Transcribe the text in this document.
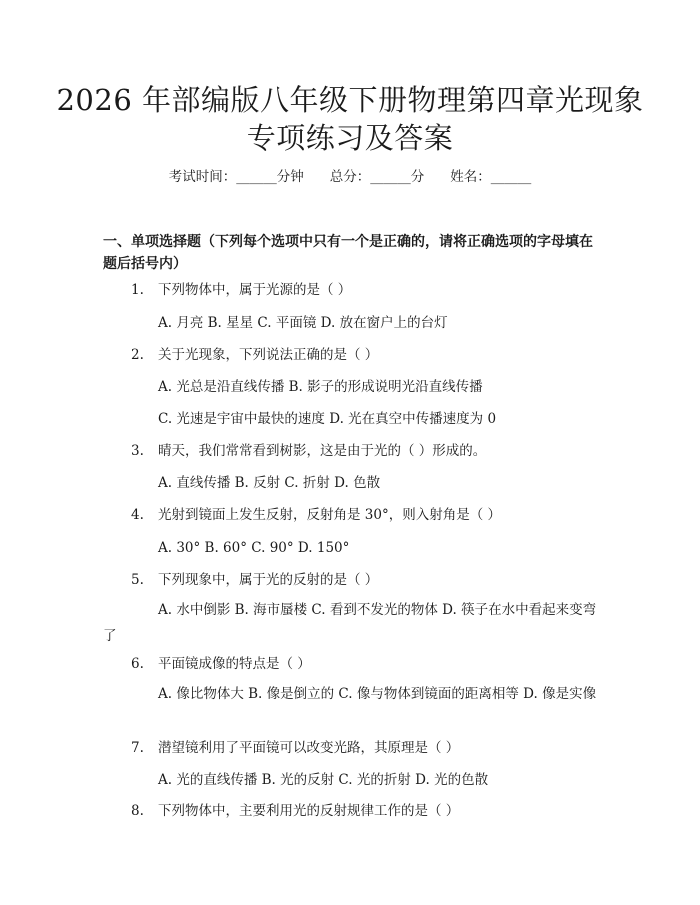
2026 年部编版八年级下册物理第四章光现象
专项练习及答案
考试时间：______分钟 总分：______分 姓名：______
一、单项选择题（下列每个选项中只有一个是正确的，请将正确选项的字母填在题后括号内）
1. 下列物体中，属于光源的是（ ）
A. 月亮 B. 星星 C. 平面镜 D. 放在窗户上的台灯
2. 关于光现象，下列说法正确的是（ ）
A. 光总是沿直线传播 B. 影子的形成说明光沿直线传播
C. 光速是宇宙中最快的速度 D. 光在真空中传播速度为 0
3. 晴天，我们常常看到树影，这是由于光的（ ）形成的。
A. 直线传播 B. 反射 C. 折射 D. 色散
4. 光射到镜面上发生反射，反射角是 30°，则入射角是（ ）
A. 30° B. 60° C. 90° D. 150°
5. 下列现象中，属于光的反射的是（ ）
A. 水中倒影 B. 海市蜃楼 C. 看到不发光的物体 D. 筷子在水中看起来变弯了
6. 平面镜成像的特点是（ ）
A. 像比物体大 B. 像是倒立的 C. 像与物体到镜面的距离相等 D. 像是实像
7. 潜望镜利用了平面镜可以改变光路，其原理是（ ）
A. 光的直线传播 B. 光的反射 C. 光的折射 D. 光的色散
8. 下列物体中，主要利用光的反射规律工作的是（ ）
